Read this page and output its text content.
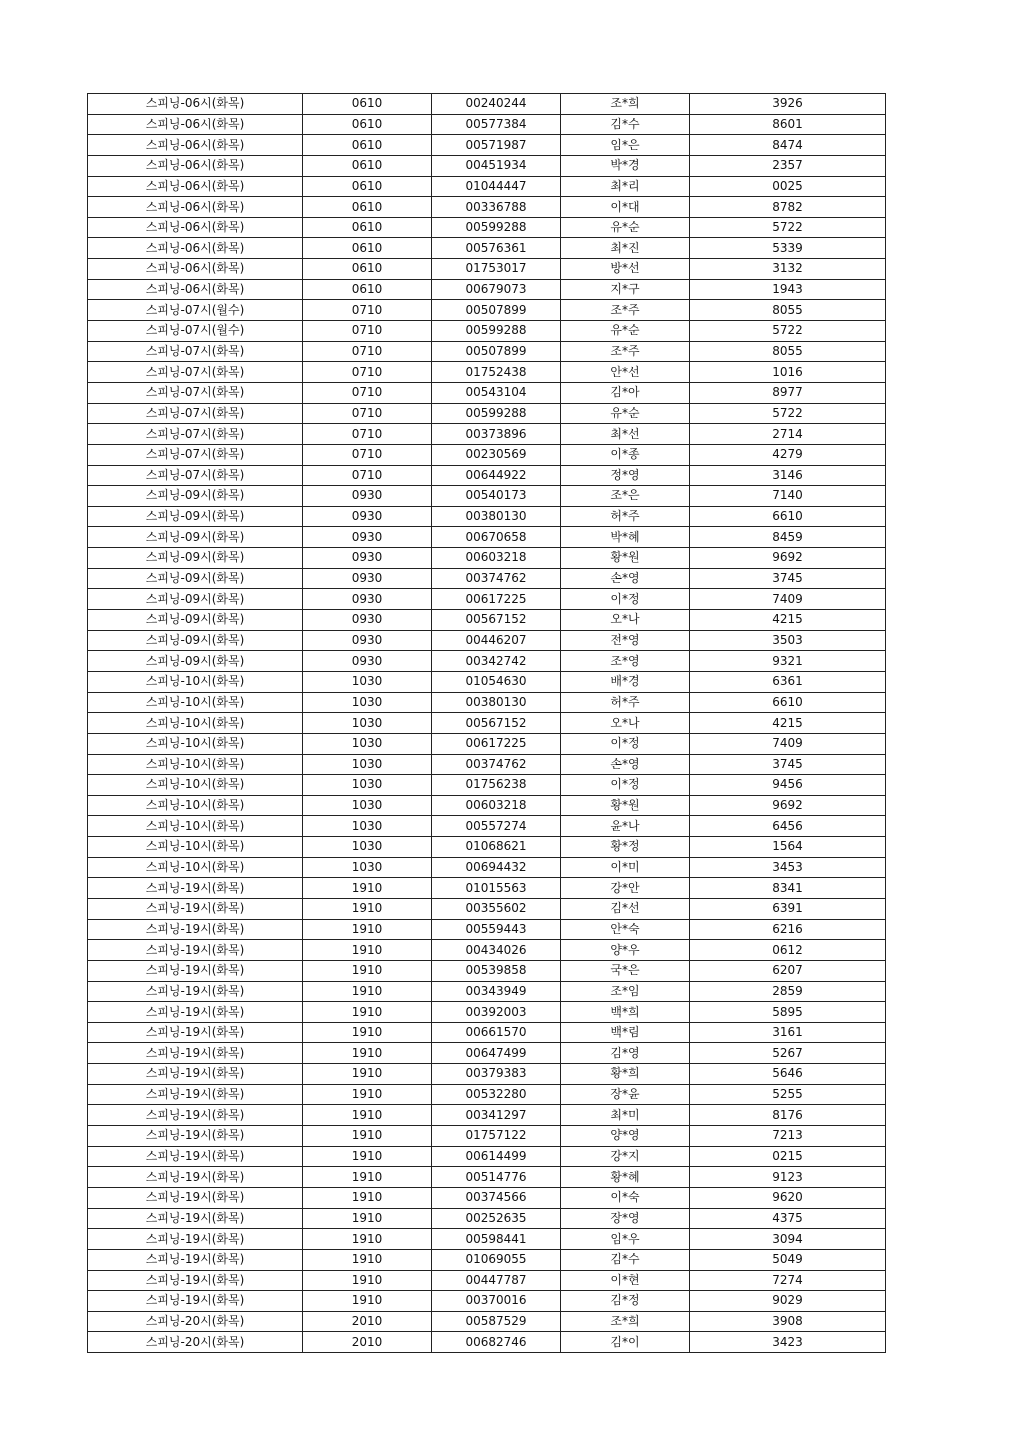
스피닝-06시(화목)	0610	00240244	조*희	3926
스피닝-06시(화목)	0610	00577384	김*수	8601
스피닝-06시(화목)	0610	00571987	임*은	8474
스피닝-06시(화목)	0610	00451934	박*경	2357
스피닝-06시(화목)	0610	01044447	최*리	0025
스피닝-06시(화목)	0610	00336788	이*대	8782
스피닝-06시(화목)	0610	00599288	유*순	5722
스피닝-06시(화목)	0610	00576361	최*진	5339
스피닝-06시(화목)	0610	01753017	방*선	3132
스피닝-06시(화목)	0610	00679073	지*구	1943
스피닝-07시(월수)	0710	00507899	조*주	8055
스피닝-07시(월수)	0710	00599288	유*순	5722
스피닝-07시(화목)	0710	00507899	조*주	8055
스피닝-07시(화목)	0710	01752438	안*선	1016
스피닝-07시(화목)	0710	00543104	김*아	8977
스피닝-07시(화목)	0710	00599288	유*순	5722
스피닝-07시(화목)	0710	00373896	최*선	2714
스피닝-07시(화목)	0710	00230569	이*종	4279
스피닝-07시(화목)	0710	00644922	정*영	3146
스피닝-09시(화목)	0930	00540173	조*은	7140
스피닝-09시(화목)	0930	00380130	허*주	6610
스피닝-09시(화목)	0930	00670658	박*혜	8459
스피닝-09시(화목)	0930	00603218	황*원	9692
스피닝-09시(화목)	0930	00374762	손*영	3745
스피닝-09시(화목)	0930	00617225	이*정	7409
스피닝-09시(화목)	0930	00567152	오*나	4215
스피닝-09시(화목)	0930	00446207	전*영	3503
스피닝-09시(화목)	0930	00342742	조*영	9321
스피닝-10시(화목)	1030	01054630	배*경	6361
스피닝-10시(화목)	1030	00380130	허*주	6610
스피닝-10시(화목)	1030	00567152	오*나	4215
스피닝-10시(화목)	1030	00617225	이*정	7409
스피닝-10시(화목)	1030	00374762	손*영	3745
스피닝-10시(화목)	1030	01756238	이*정	9456
스피닝-10시(화목)	1030	00603218	황*원	9692
스피닝-10시(화목)	1030	00557274	윤*나	6456
스피닝-10시(화목)	1030	01068621	황*정	1564
스피닝-10시(화목)	1030	00694432	이*미	3453
스피닝-19시(화목)	1910	01015563	강*안	8341
스피닝-19시(화목)	1910	00355602	김*선	6391
스피닝-19시(화목)	1910	00559443	안*숙	6216
스피닝-19시(화목)	1910	00434026	양*우	0612
스피닝-19시(화목)	1910	00539858	국*은	6207
스피닝-19시(화목)	1910	00343949	조*임	2859
스피닝-19시(화목)	1910	00392003	백*희	5895
스피닝-19시(화목)	1910	00661570	백*림	3161
스피닝-19시(화목)	1910	00647499	김*영	5267
스피닝-19시(화목)	1910	00379383	황*희	5646
스피닝-19시(화목)	1910	00532280	장*윤	5255
스피닝-19시(화목)	1910	00341297	최*미	8176
스피닝-19시(화목)	1910	01757122	양*영	7213
스피닝-19시(화목)	1910	00614499	강*지	0215
스피닝-19시(화목)	1910	00514776	황*혜	9123
스피닝-19시(화목)	1910	00374566	이*숙	9620
스피닝-19시(화목)	1910	00252635	장*영	4375
스피닝-19시(화목)	1910	00598441	임*우	3094
스피닝-19시(화목)	1910	01069055	김*수	5049
스피닝-19시(화목)	1910	00447787	이*현	7274
스피닝-19시(화목)	1910	00370016	김*정	9029
스피닝-20시(화목)	2010	00587529	조*희	3908
스피닝-20시(화목)	2010	00682746	김*이	3423
